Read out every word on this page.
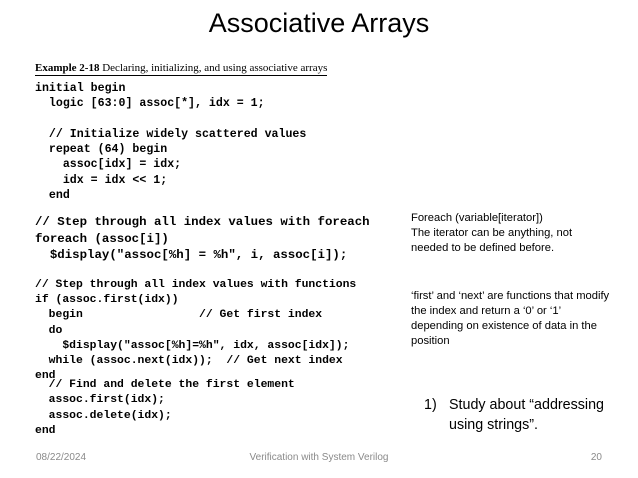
Associative Arrays
Example 2-18 Declaring, initializing, and using associative arrays
initial begin
logic [63:0] assoc[*], idx = 1;

// Initialize widely scattered values
repeat (64) begin
assoc[idx] = idx;
idx = idx << 1;
end
// Step through all index values with foreach
foreach (assoc[i])
$display("assoc[%h] = %h", i, assoc[i]);
// Step through all index values with functions
if (assoc.first(idx))
begin                 // Get first index
do
$display("assoc[%h]=%h", idx, assoc[idx]);
while (assoc.next(idx));  // Get next index
end
// Find and delete the first element
assoc.first(idx);
assoc.delete(idx);
end
Foreach (variable[iterator])
The iterator can be anything, not needed to be defined before.
‘first’ and ‘next’ are functions that modify the index and return a ‘0’ or ‘1’ depending on existence of data in the position
1) Study about “addressing using strings”.
08/22/2024	Verification with System Verilog	20
